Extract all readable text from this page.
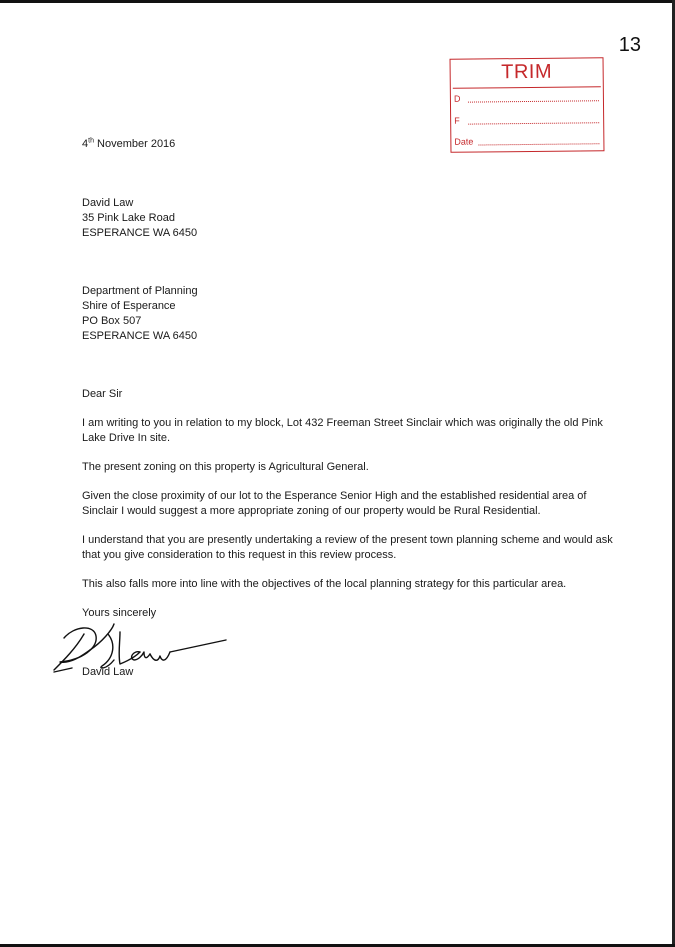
13
TRIM
D
F
Date
4th November 2016
David Law
35 Pink Lake Road
ESPERANCE WA 6450
Department of Planning
Shire of Esperance
PO Box 507
ESPERANCE WA 6450
Dear Sir
I am writing to you in relation to my block, Lot 432 Freeman Street Sinclair which was originally the old Pink Lake Drive In site.
The present zoning on this property is Agricultural General.
Given the close proximity of our lot to the Esperance Senior High and the established residential area of Sinclair I would suggest a more appropriate zoning of our property would be Rural Residential.
I understand that you are presently undertaking a review of the present town planning scheme and would ask that you give consideration to this request in this review process.
This also falls more into line with the objectives of the local planning strategy for this particular area.
Yours sincerely
David Law
